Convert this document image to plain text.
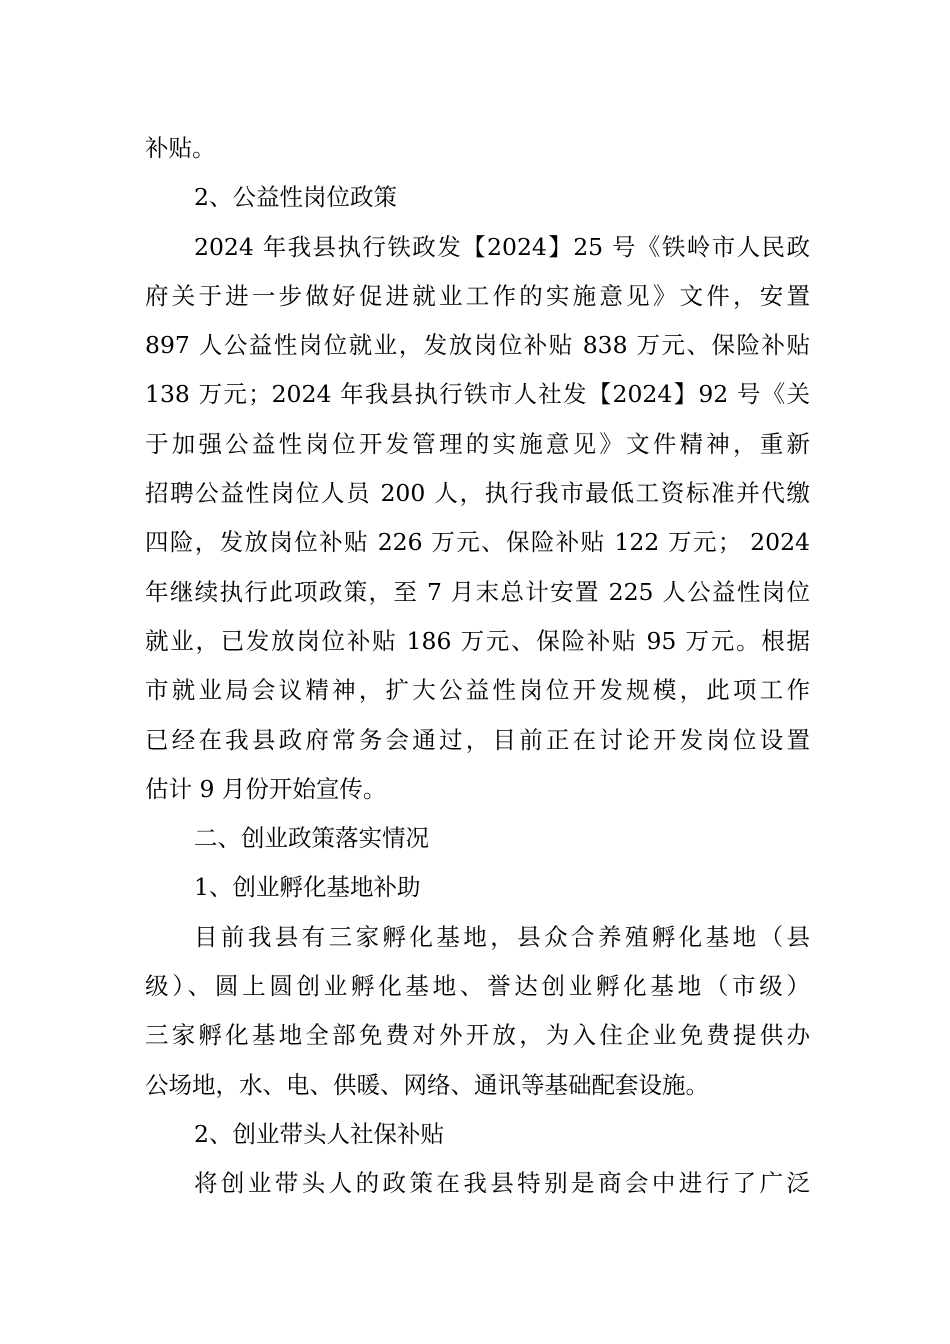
补贴。
2、公益性岗位政策
2024 年我县执行铁政发【2024】25 号《铁岭市人民政
府关于进一步做好促进就业工作的实施意见》文件，安置
897 人公益性岗位就业，发放岗位补贴 838 万元、保险补贴
138 万元；2024 年我县执行铁市人社发【2024】92 号《关
于加强公益性岗位开发管理的实施意见》文件精神，重新
招聘公益性岗位人员 200 人，执行我市最低工资标准并代缴
四险，发放岗位补贴 226 万元、保险补贴 122 万元； 2024
年继续执行此项政策，至 7 月末总计安置 225 人公益性岗位
就业，已发放岗位补贴 186 万元、保险补贴 95 万元。根据
市就业局会议精神，扩大公益性岗位开发规模，此项工作
已经在我县政府常务会通过，目前正在讨论开发岗位设置
估计 9 月份开始宣传。
二、创业政策落实情况
1、创业孵化基地补助
目前我县有三家孵化基地，县众合养殖孵化基地（县
级）、圆上圆创业孵化基地、誉达创业孵化基地（市级）
三家孵化基地全部免费对外开放，为入住企业免费提供办
公场地，水、电、供暖、网络、通讯等基础配套设施。
2、创业带头人社保补贴
将创业带头人的政策在我县特别是商会中进行了广泛
